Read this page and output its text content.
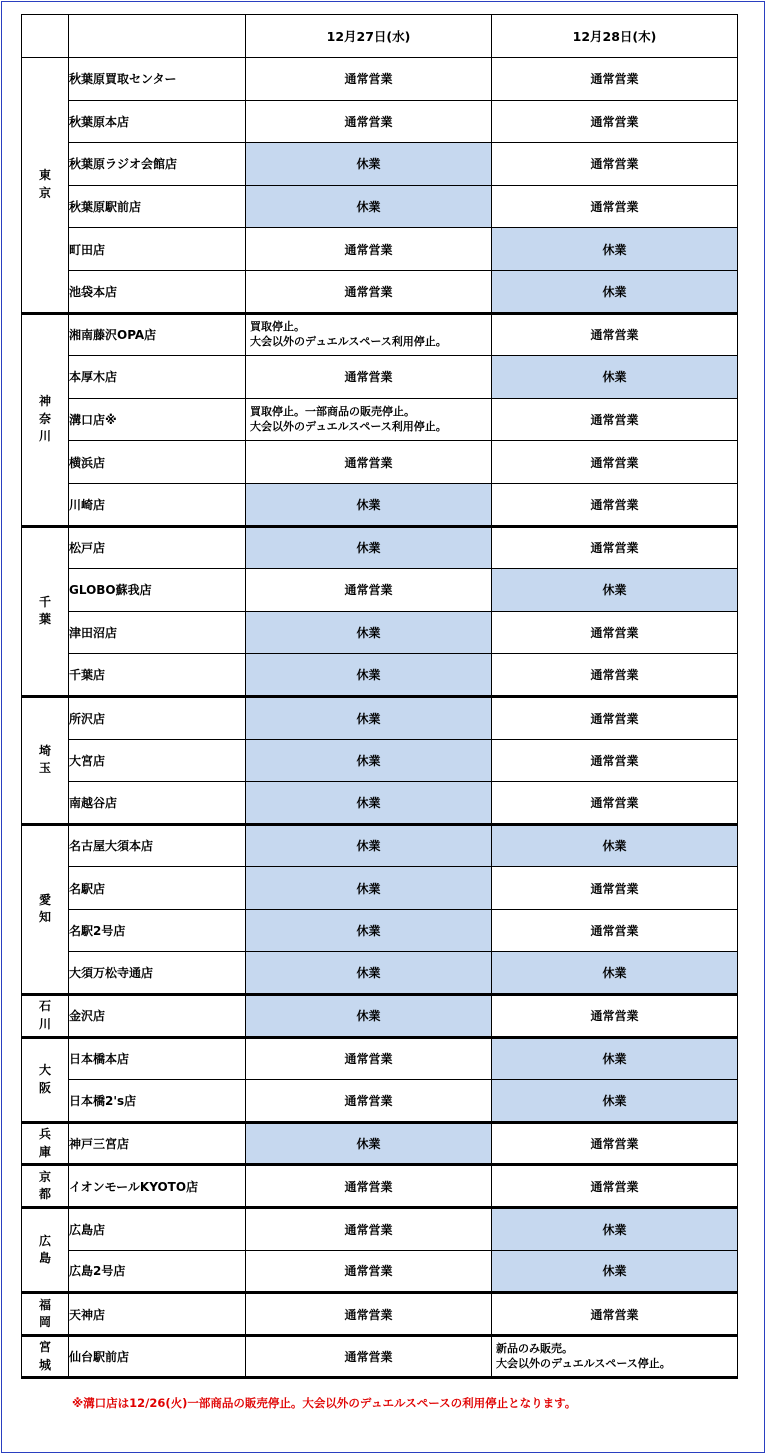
		12月27日(水)	12月28日(木)
東
京	秋葉原買取センター	通常営業	通常営業
	秋葉原本店	通常営業	通常営業
	秋葉原ラジオ会館店	休業	通常営業
	秋葉原駅前店	休業	通常営業
	町田店	通常営業	休業
	池袋本店	通常営業	休業
神
奈
川	湘南藤沢OPA店	買取停止。
大会以外のデュエルスペース利用停止。	通常営業
	本厚木店	通常営業	休業
	溝口店※	買取停止。一部商品の販売停止。
大会以外のデュエルスペース利用停止。	通常営業
	横浜店	通常営業	通常営業
	川崎店	休業	通常営業
千
葉	松戸店	休業	通常営業
	GLOBO蘇我店	通常営業	休業
	津田沼店	休業	通常営業
	千葉店	休業	通常営業
埼
玉	所沢店	休業	通常営業
	大宮店	休業	通常営業
	南越谷店	休業	通常営業
愛
知	名古屋大須本店	休業	休業
	名駅店	休業	通常営業
	名駅2号店	休業	通常営業
	大須万松寺通店	休業	休業
石
川	金沢店	休業	通常営業
大
阪	日本橋本店	通常営業	休業
	日本橋2's店	通常営業	休業
兵
庫	神戸三宮店	休業	通常営業
京
都	イオンモールKYOTO店	通常営業	通常営業
広
島	広島店	通常営業	休業
	広島2号店	通常営業	休業
福
岡	天神店	通常営業	通常営業
宮
城	仙台駅前店	通常営業	新品のみ販売。
大会以外のデュエルスペース停止。
※溝口店は12/26(火)一部商品の販売停止。大会以外のデュエルスペースの利用停止となります。
